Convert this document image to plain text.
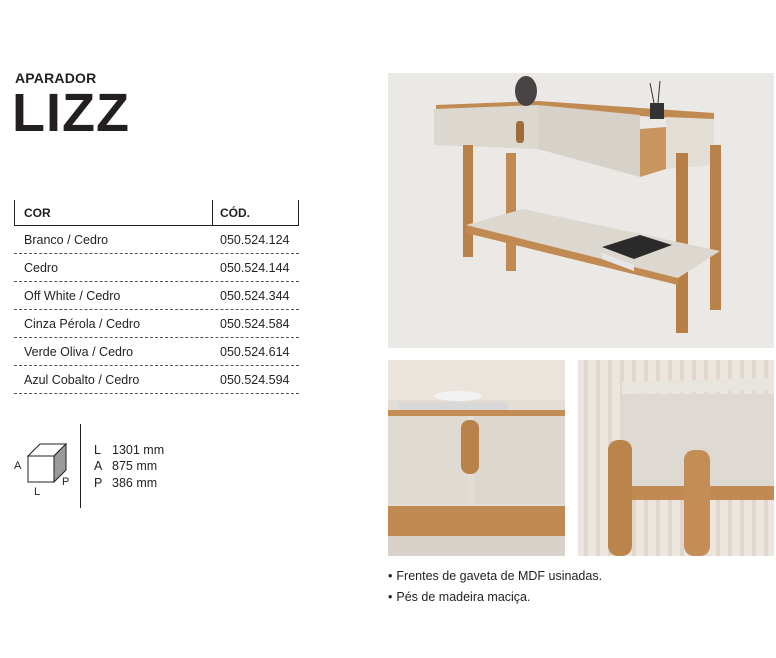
APARADOR
LIZZ
COR	CÓD.
Branco / Cedro	050.524.124
Cedro	050.524.144
Off White / Cedro	050.524.344
Cinza Pérola / Cedro	050.524.584
Verde Oliva / Cedro	050.524.614
Azul Cobalto / Cedro	050.524.594
A
L
P
L 1301 mm
A 875 mm
P 386 mm
• Frentes de gaveta de MDF usinadas.
• Pés de madeira maciça.
